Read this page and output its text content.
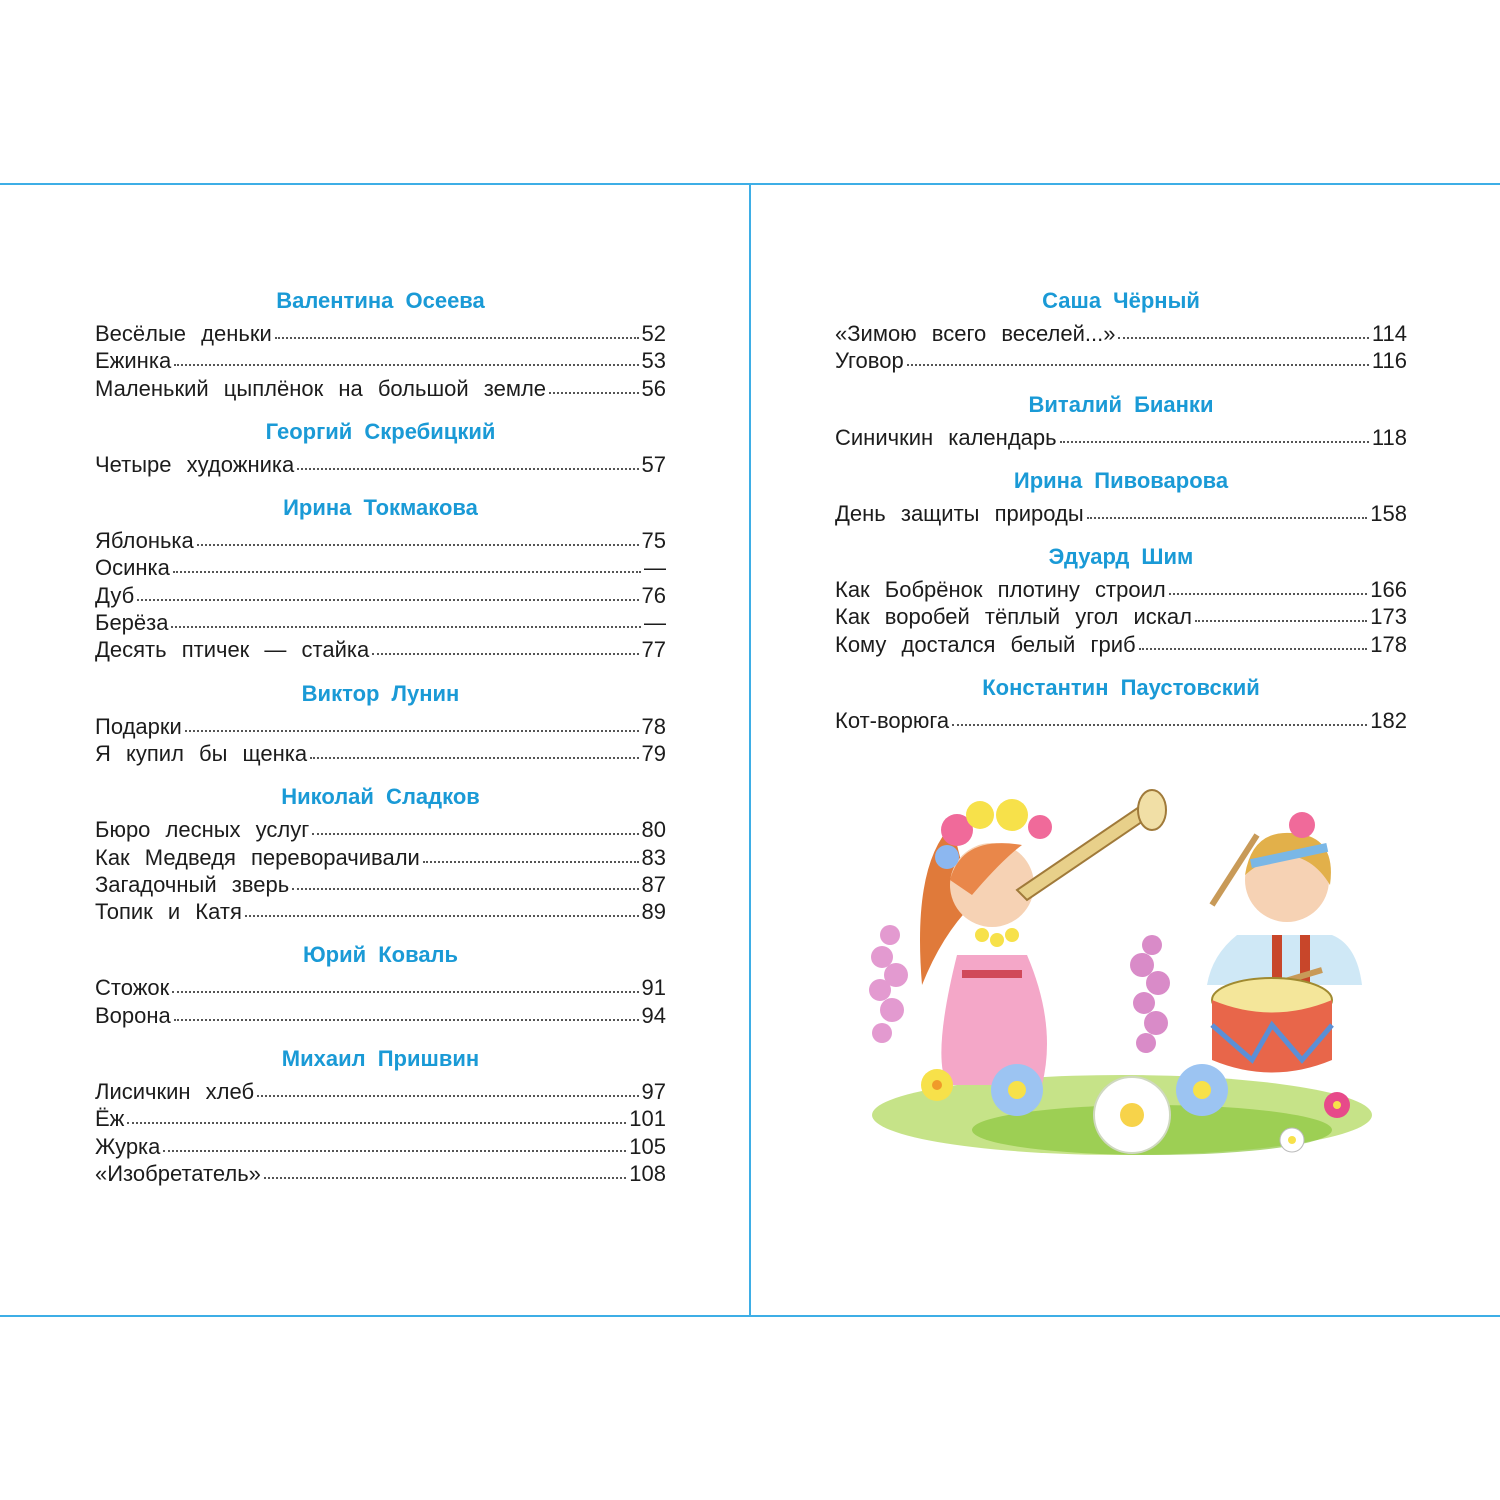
Валентина Осеева
Весёлые деньки	52
Ежинка	53
Маленький цыплёнок на большой земле	56
Георгий Скребицкий
Четыре художника	57
Ирина Токмакова
Яблонька	75
Осинка	—
Дуб	76
Берёза	—
Десять птичек — стайка	77
Виктор Лунин
Подарки	78
Я купил бы щенка	79
Николай Сладков
Бюро лесных услуг	80
Как Медведя переворачивали	83
Загадочный зверь	87
Топик и Катя	89
Юрий Коваль
Стожок	91
Ворона	94
Михаил Пришвин
Лисичкин хлеб	97
Ёж	101
Журка	105
«Изобретатель»	108
Саша Чёрный
«Зимою всего веселей...»	114
Уговор	116
Виталий Бианки
Синичкин календарь	118
Ирина Пивоварова
День защиты природы	158
Эдуард Шим
Как Бобрёнок плотину строил	166
Как воробей тёплый угол искал	173
Кому достался белый гриб	178
Константин Паустовский
Кот-ворюга	182
